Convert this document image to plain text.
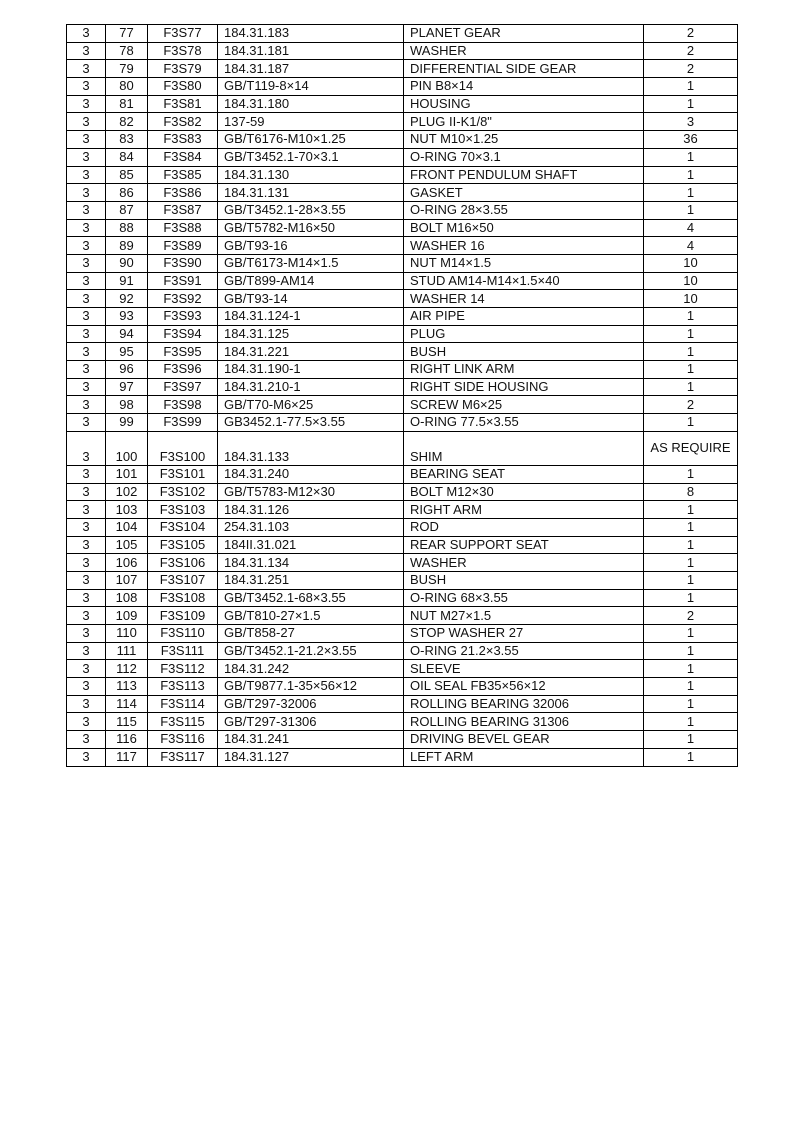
3	77	F3S77	184.31.183	PLANET GEAR	2
3	78	F3S78	184.31.181	WASHER	2
3	79	F3S79	184.31.187	DIFFERENTIAL SIDE GEAR	2
3	80	F3S80	GB/T119-8×14	PIN B8×14	1
3	81	F3S81	184.31.180	HOUSING	1
3	82	F3S82	137-59	PLUG II-K1/8"	3
3	83	F3S83	GB/T6176-M10×1.25	NUT M10×1.25	36
3	84	F3S84	GB/T3452.1-70×3.1	O-RING 70×3.1	1
3	85	F3S85	184.31.130	FRONT PENDULUM SHAFT	1
3	86	F3S86	184.31.131	GASKET	1
3	87	F3S87	GB/T3452.1-28×3.55	O-RING 28×3.55	1
3	88	F3S88	GB/T5782-M16×50	BOLT M16×50	4
3	89	F3S89	GB/T93-16	WASHER 16	4
3	90	F3S90	GB/T6173-M14×1.5	NUT M14×1.5	10
3	91	F3S91	GB/T899-AM14	STUD AM14-M14×1.5×40	10
3	92	F3S92	GB/T93-14	WASHER 14	10
3	93	F3S93	184.31.124-1	AIR PIPE	1
3	94	F3S94	184.31.125	PLUG	1
3	95	F3S95	184.31.221	BUSH	1
3	96	F3S96	184.31.190-1	RIGHT LINK ARM	1
3	97	F3S97	184.31.210-1	RIGHT SIDE HOUSING	1
3	98	F3S98	GB/T70-M6×25	SCREW M6×25	2
3	99	F3S99	GB3452.1-77.5×3.55	O-RING 77.5×3.55	1
3	100	F3S100	184.31.133	SHIM	AS REQUIRE
3	101	F3S101	184.31.240	BEARING SEAT	1
3	102	F3S102	GB/T5783-M12×30	BOLT M12×30	8
3	103	F3S103	184.31.126	RIGHT ARM	1
3	104	F3S104	254.31.103	ROD	1
3	105	F3S105	184II.31.021	REAR SUPPORT SEAT	1
3	106	F3S106	184.31.134	WASHER	1
3	107	F3S107	184.31.251	BUSH	1
3	108	F3S108	GB/T3452.1-68×3.55	O-RING 68×3.55	1
3	109	F3S109	GB/T810-27×1.5	NUT M27×1.5	2
3	110	F3S110	GB/T858-27	STOP WASHER 27	1
3	111	F3S111	GB/T3452.1-21.2×3.55	O-RING 21.2×3.55	1
3	112	F3S112	184.31.242	SLEEVE	1
3	113	F3S113	GB/T9877.1-35×56×12	OIL SEAL FB35×56×12	1
3	114	F3S114	GB/T297-32006	ROLLING BEARING 32006	1
3	115	F3S115	GB/T297-31306	ROLLING BEARING 31306	1
3	116	F3S116	184.31.241	DRIVING BEVEL GEAR	1
3	117	F3S117	184.31.127	LEFT ARM	1
